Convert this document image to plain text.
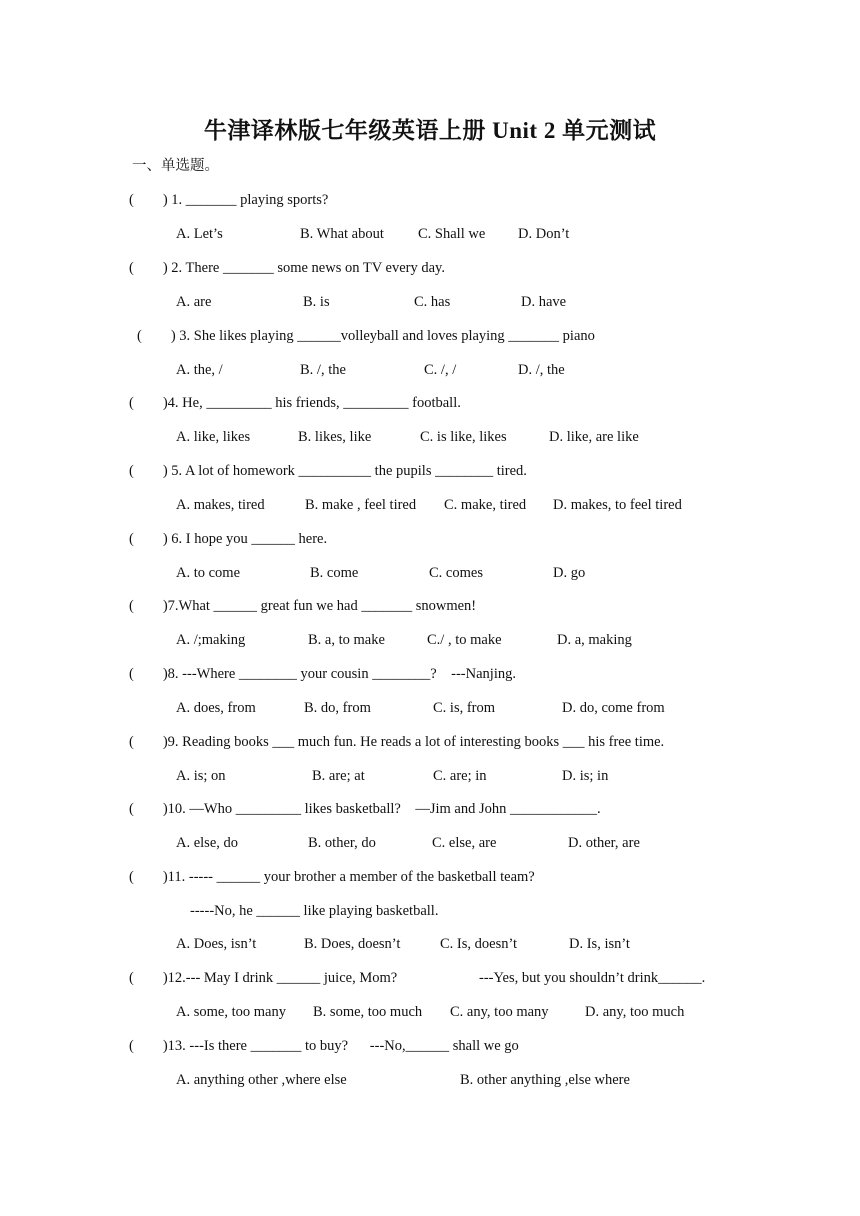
牛津译林版七年级英语上册 Unit 2 单元测试
一、单选题。
(        ) 1. _______ playing sports?
A. Let’s	B. What about C. Shall we D. Don’t
(        ) 2. There _______ some news on TV every day.
A. are	B. is	C. has	D. have
(        ) 3. She likes playing ______volleyball and loves playing _______ piano
A. the, /	B. /, the	C. /, /	D. /, the
(        )4. He, _________ his friends, _________ football.
A. like, likes	B. likes, like	C. is like, likes	D. like, are like
(        ) 5. A lot of homework __________ the pupils ________ tired.
A. makes, tired	B. make , feel tired C. make, tired D. makes, to feel tired
(        ) 6. I hope you ______ here.
A. to come	B. come	C. comes	D. go
(        )7.What ______ great fun we had _______ snowmen!
A. /;making	B. a, to make	C./ , to make	D. a, making
(        )8. ---Where ________ your cousin ________?    ---Nanjing.
A. does, from	B. do, from	C. is, from	D. do, come from
(        )9. Reading books ___ much fun. He reads a lot of interesting books ___ his free time.
A. is; on	B. are; at	C. are; in	D. is; in
(        )10. —Who _________ likes basketball?    —Jim and John ____________.
A. else, do	B. other, do	C. else, are	D. other, are
(        )11. ----- ______ your brother a member of the basketball team?
-----No, he ______ like playing basketball.
A. Does, isn’t	B. Does, doesn’t	C. Is, doesn’t	D. Is, isn’t
(        )12.--- May I drink ______ juice, Mom?	---Yes, but you shouldn’t drink______.
A. some, too many B. some, too much C. any, too many	D. any, too much
(        )13. ---Is there _______ to buy?      ---No,______ shall we go
A. anything other ,where else	B. other anything ,else where
